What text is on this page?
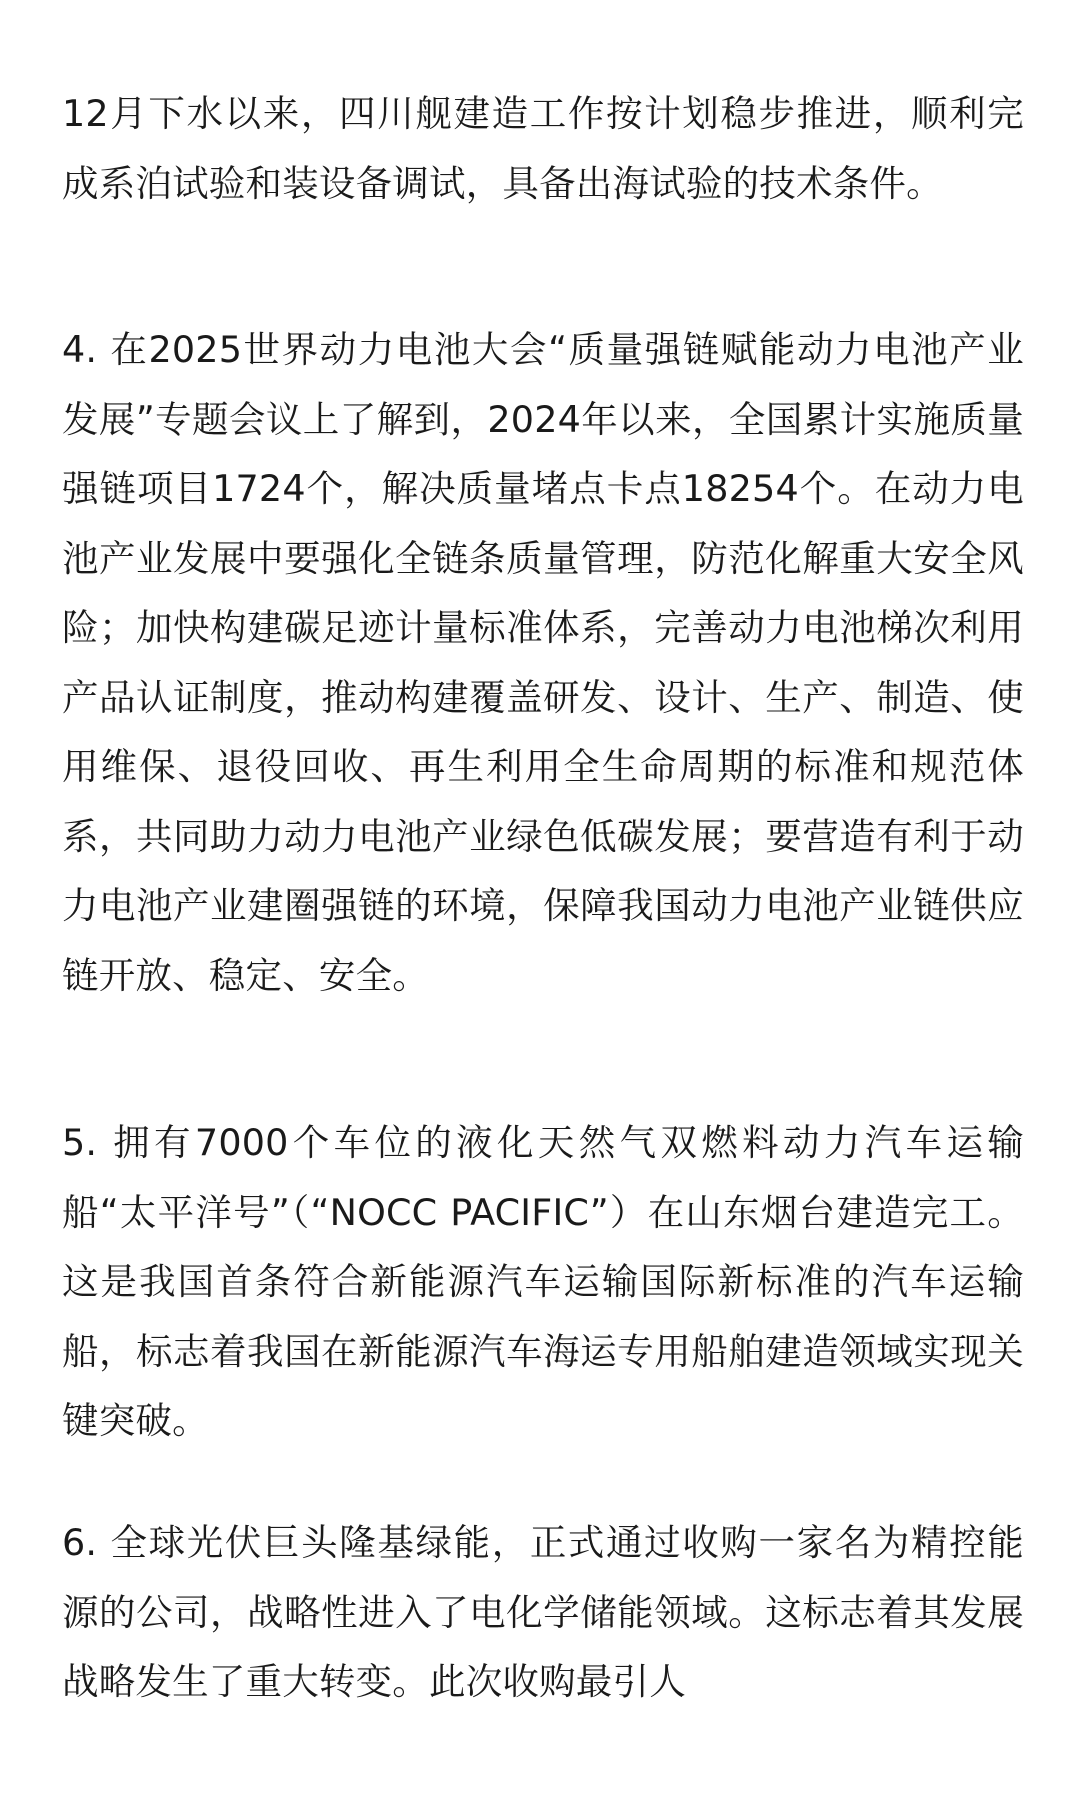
12月下水以来，四川舰建造工作按计划稳步推进，顺利完成系泊试验和装设备调试，具备出海试验的技术条件。

4. 在2025世界动力电池大会“质量强链赋能动力电池产业发展”专题会议上了解到，2024年以来，全国累计实施质量强链项目1724个，解决质量堵点卡点18254个。在动力电池产业发展中要强化全链条质量管理，防范化解重大安全风险；加快构建碳足迹计量标准体系，完善动力电池梯次利用产品认证制度，推动构建覆盖研发、设计、生产、制造、使用维保、退役回收、再生利用全生命周期的标准和规范体系，共同助力动力电池产业绿色低碳发展；要营造有利于动力电池产业建圈强链的环境，保障我国动力电池产业链供应链开放、稳定、安全。

5. 拥有7000个车位的液化天然气双燃料动力汽车运输船“太平洋号”（“NOCC PACIFIC”）在山东烟台建造完工。这是我国首条符合新能源汽车运输国际新标准的汽车运输船，标志着我国在新能源汽车海运专用船舶建造领域实现关键突破。

6. 全球光伏巨头隆基绿能，正式通过收购一家名为精控能源的公司，战略性进入了电化学储能领域。这标志着其发展战略发生了重大转变。此次收购最引人
